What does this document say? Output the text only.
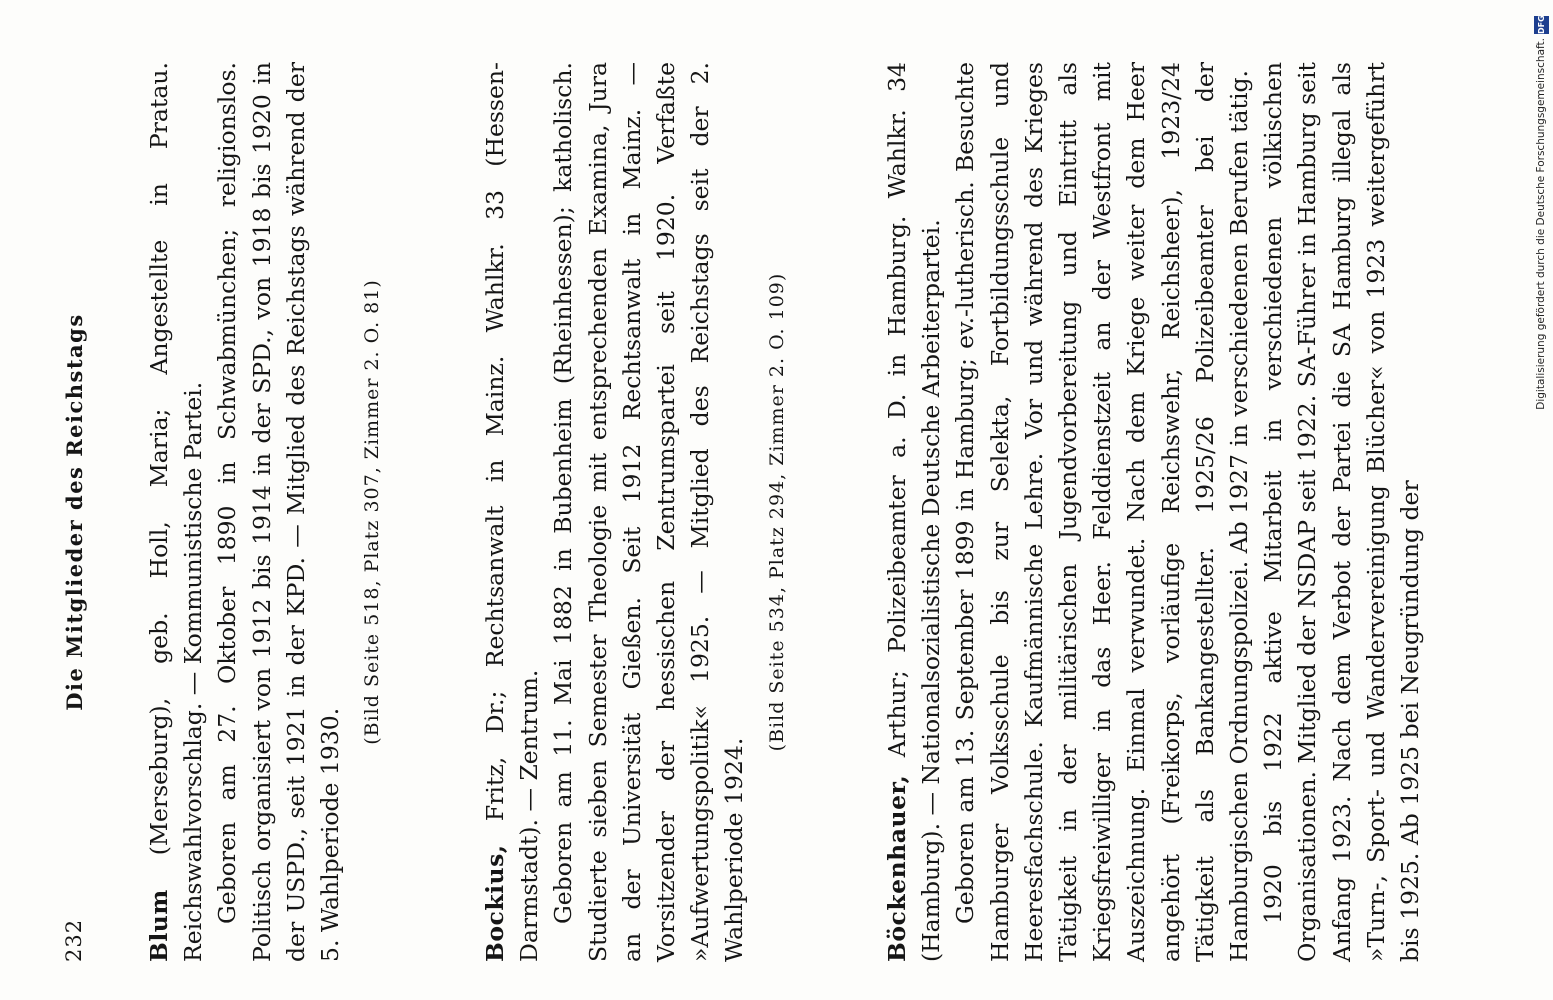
232
Die Mitglieder des Reichstags

Blum (Merseburg), geb. Holl, Maria; Angestellte in Pratau. Reichswahlvorschlag. — Kommunistische Partei. Geboren am 27. Oktober 1890 in Schwabmünchen; religionslos. Politisch organisiert von 1912 bis 1914 in der SPD., von 1918 bis 1920 in der USPD., seit 1921 in der KPD. — Mitglied des Reichstags während der 5. Wahlperiode 1930.

(Bild Seite 518, Platz 307, Zimmer 2. O. 81)

Bockius, Fritz, Dr.; Rechtsanwalt in Mainz. Wahlkr. 33 (Hessen-Darmstadt). — Zentrum. Geboren am 11. Mai 1882 in Bubenheim (Rheinhessen); katholisch. Studierte sieben Semester Theologie mit entsprechenden Examina, Jura an der Universität Gießen. Seit 1912 Rechtsanwalt in Mainz. — Vorsitzender der hessischen Zentrumspartei seit 1920. Verfaßte »Aufwertungspolitik« 1925. — Mitglied des Reichstags seit der 2. Wahlperiode 1924.

(Bild Seite 534, Platz 294, Zimmer 2. O. 109)

Böckenhauer, Arthur; Polizeibeamter a. D. in Hamburg. Wahlkr. 34 (Hamburg). — Nationalsozialistische Deutsche Arbeiterpartei. Geboren am 13. September 1899 in Hamburg; ev.-lutherisch. Besuchte Hamburger Volksschule bis zur Selekta, Fortbildungsschule und Heeresfachschule. Kaufmännische Lehre. Vor und während des Krieges Tätigkeit in der militärischen Jugendvorbereitung und Eintritt als Kriegsfreiwilliger in das Heer. Felddienstzeit an der Westfront mit Auszeichnung. Einmal verwundet. Nach dem Kriege weiter dem Heer angehört (Freikorps, vorläufige Reichswehr, Reichsheer), 1923/24 Tätigkeit als Bankangestellter. 1925/26 Polizeibeamter bei der Hamburgischen Ordnungspolizei. Ab 1927 in verschiedenen Berufen tätig. 1920 bis 1922 aktive Mitarbeit in verschiedenen völkischen Organisationen. Mitglied der NSDAP seit 1922. SA-Führer in Hamburg seit Anfang 1923. Nach dem Verbot der Partei die SA Hamburg illegal als »Turn-, Sport- und Wandervereinigung Blücher« von 1923 weitergeführt bis 1925. Ab 1925 bei Neugründung der

Digitalisierung gefördert durch die Deutsche Forschungsgemeinschaft.
DFG
